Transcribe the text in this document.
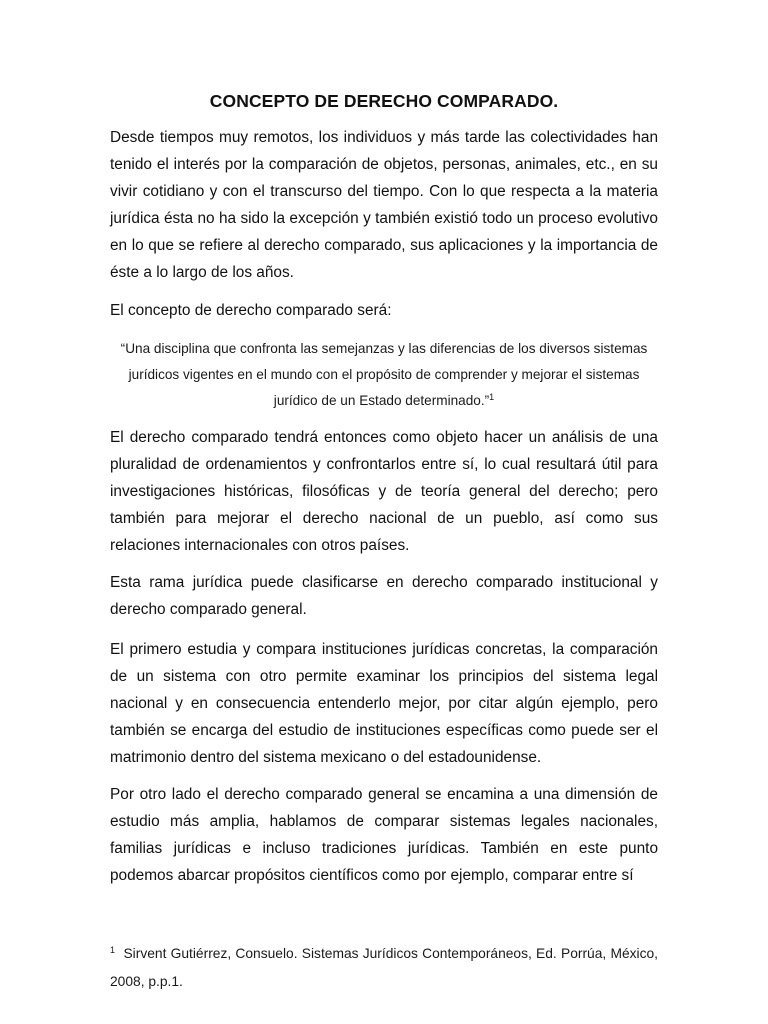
CONCEPTO DE DERECHO COMPARADO.

Desde tiempos muy remotos, los individuos y más tarde las colectividades han tenido el interés por la comparación de objetos, personas, animales, etc., en su vivir cotidiano y con el transcurso del tiempo. Con lo que respecta a la materia jurídica ésta no ha sido la excepción y también existió todo un proceso evolutivo en lo que se refiere al derecho comparado, sus aplicaciones y la importancia de éste a lo largo de los años.

El concepto de derecho comparado será:

“Una disciplina que confronta las semejanzas y las diferencias de los diversos sistemas jurídicos vigentes en el mundo con el propósito de comprender y mejorar el sistemas jurídico de un Estado determinado.”$^1$

El derecho comparado tendrá entonces como objeto hacer un análisis de una pluralidad de ordenamientos y confrontarlos entre sí, lo cual resultará útil para investigaciones históricas, filosóficas y de teoría general del derecho; pero también para mejorar el derecho nacional de un pueblo, así como sus relaciones internacionales con otros países.

Esta rama jurídica puede clasificarse en derecho comparado institucional y derecho comparado general.

El primero estudia y compara instituciones jurídicas concretas, la comparación de un sistema con otro permite examinar los principios del sistema legal nacional y en consecuencia entenderlo mejor, por citar algún ejemplo, pero también se encarga del estudio de instituciones específicas como puede ser el matrimonio dentro del sistema mexicano o del estadounidense.

Por otro lado el derecho comparado general se encamina a una dimensión de estudio más amplia, hablamos de comparar sistemas legales nacionales, familias jurídicas e incluso tradiciones jurídicas. También en este punto podemos abarcar propósitos científicos como por ejemplo, comparar entre sí

$^1$ Sirvent Gutiérrez, Consuelo. Sistemas Jurídicos Contemporáneos, Ed. Porrúa, México, 2008, p.p.1.
